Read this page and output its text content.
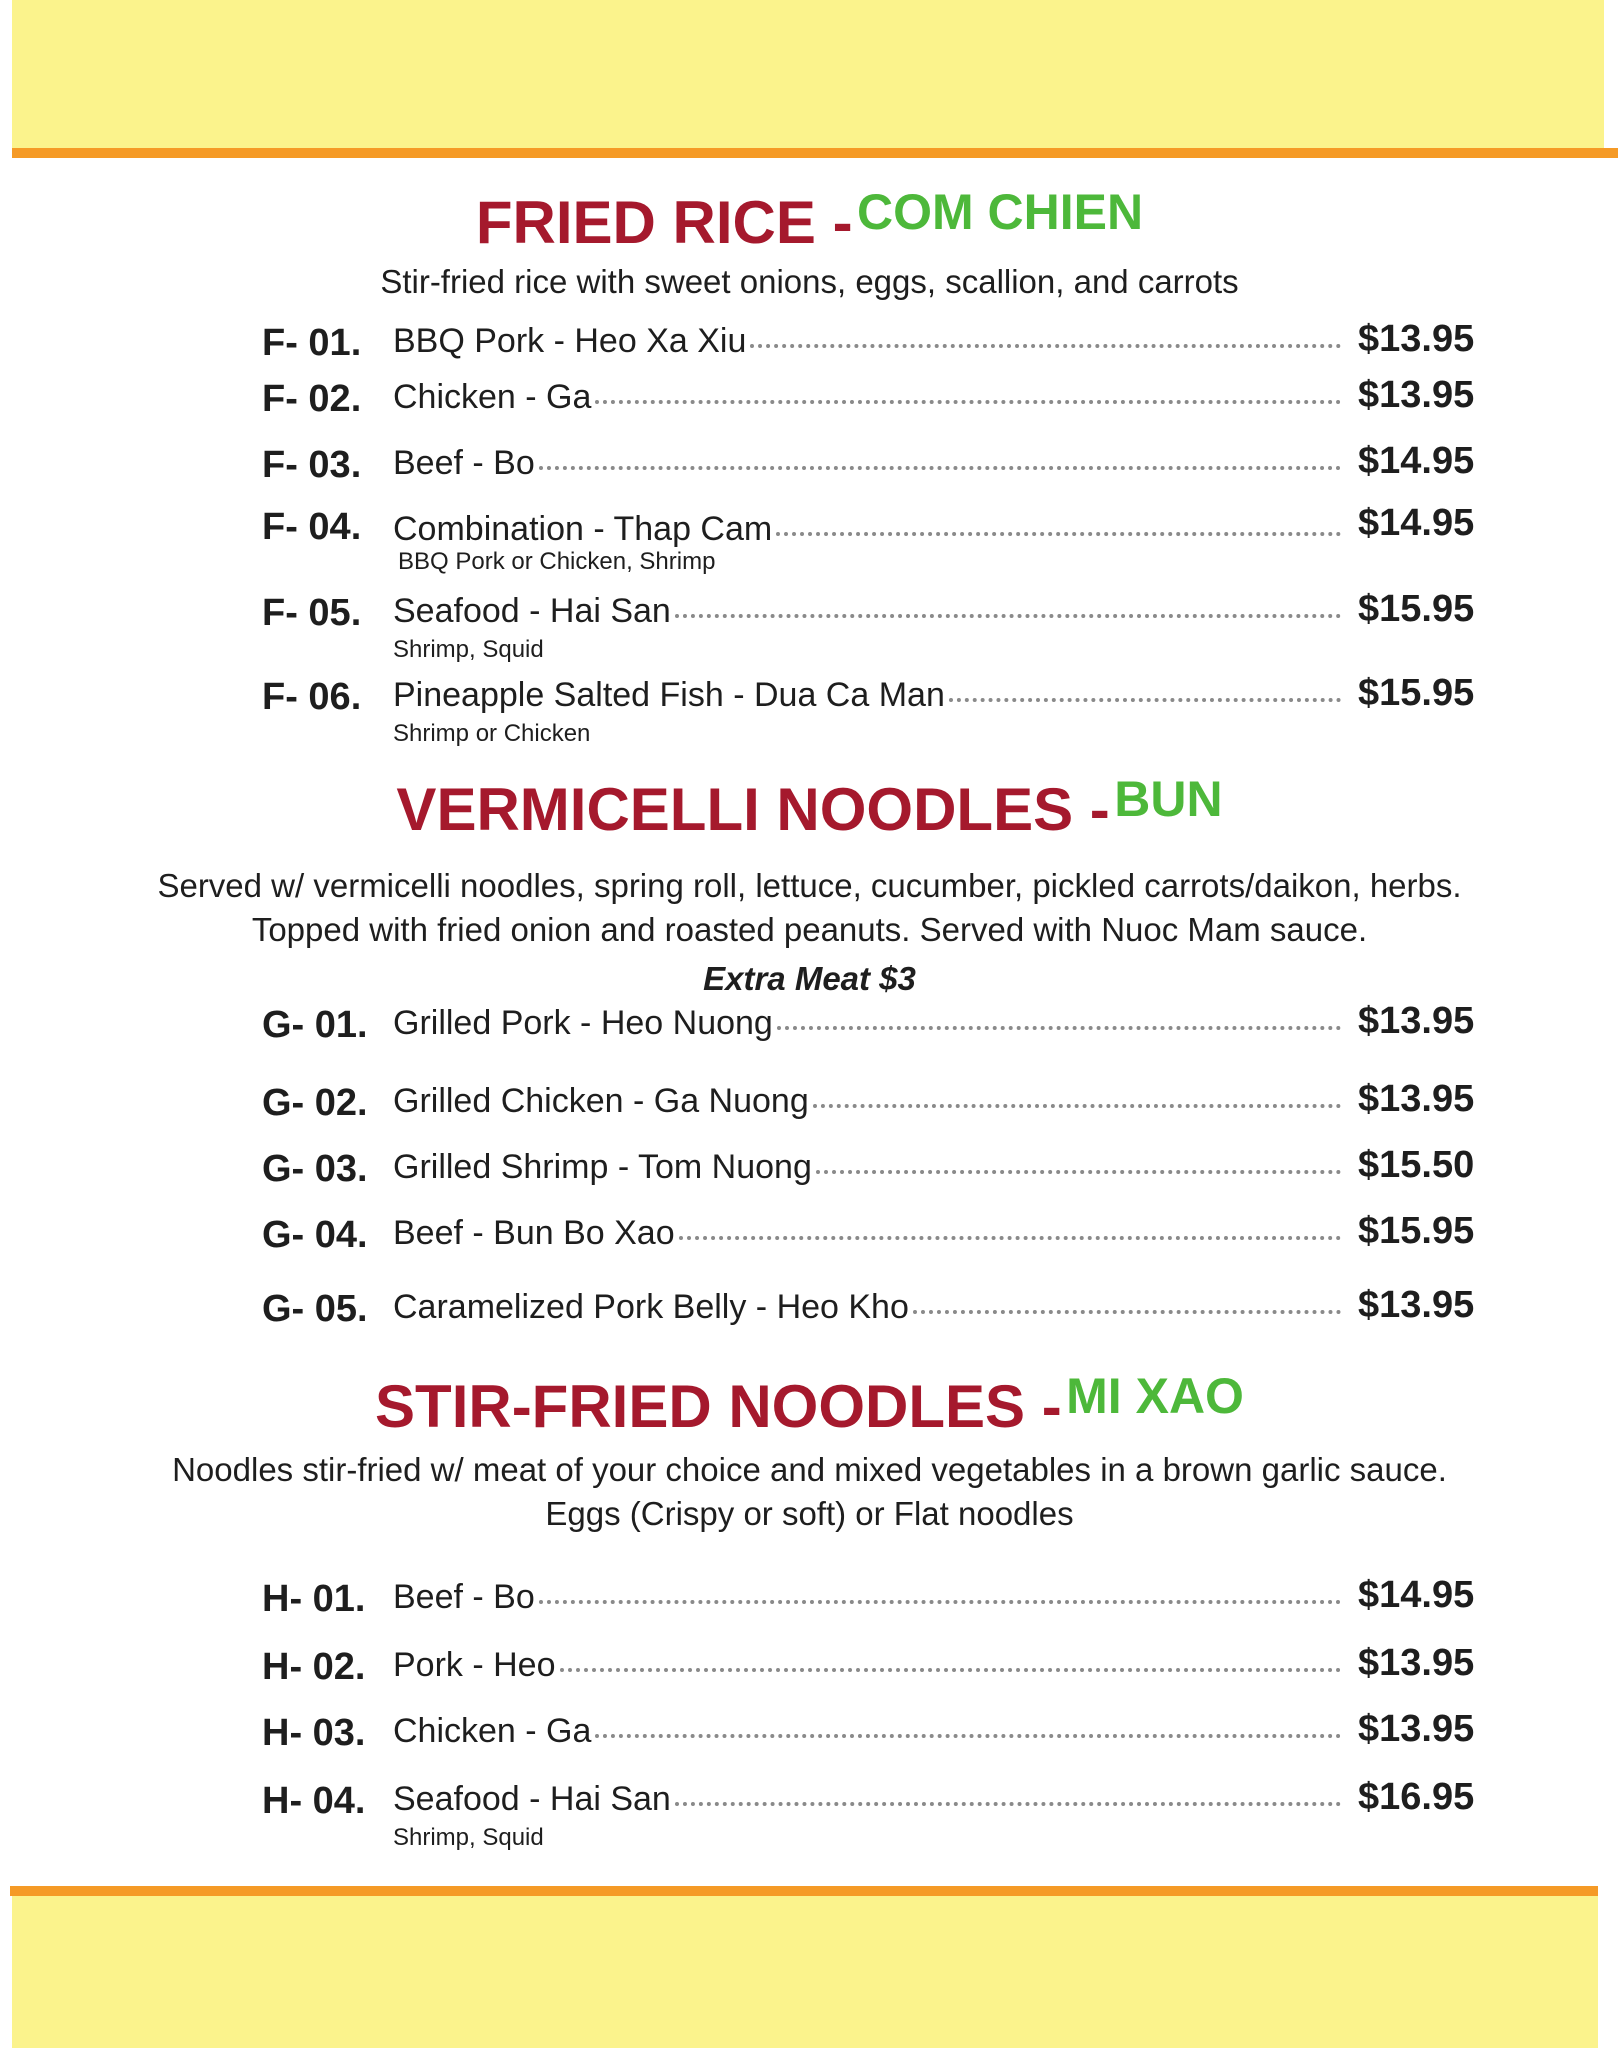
FRIED RICE - COM CHIEN
Stir-fried rice with sweet onions, eggs, scallion, and carrots
F- 01. BBQ Pork - Heo Xa Xiu	$13.95
F- 02. Chicken - Ga	$13.95
F- 03. Beef - Bo	$14.95
F- 04. Combination - Thap Cam	$14.95
BBQ Pork or Chicken, Shrimp
F- 05. Seafood - Hai San	$15.95
Shrimp, Squid
F- 06. Pineapple Salted Fish - Dua Ca Man	$15.95
Shrimp or Chicken
VERMICELLI NOODLES - BUN
Served w/ vermicelli noodles, spring roll, lettuce, cucumber, pickled carrots/daikon, herbs.
Topped with fried onion and roasted peanuts. Served with Nuoc Mam sauce.
Extra Meat $3
G- 01. Grilled Pork - Heo Nuong	$13.95
G- 02. Grilled Chicken - Ga Nuong	$13.95
G- 03. Grilled Shrimp - Tom Nuong	$15.50
G- 04. Beef - Bun Bo Xao	$15.95
G- 05. Caramelized Pork Belly - Heo Kho	$13.95
STIR-FRIED NOODLES - MI XAO
Noodles stir-fried w/ meat of your choice and mixed vegetables in a brown garlic sauce.
Eggs (Crispy or soft) or Flat noodles
H- 01. Beef - Bo	$14.95
H- 02. Pork - Heo	$13.95
H- 03. Chicken - Ga	$13.95
H- 04. Seafood - Hai San	$16.95
Shrimp, Squid
